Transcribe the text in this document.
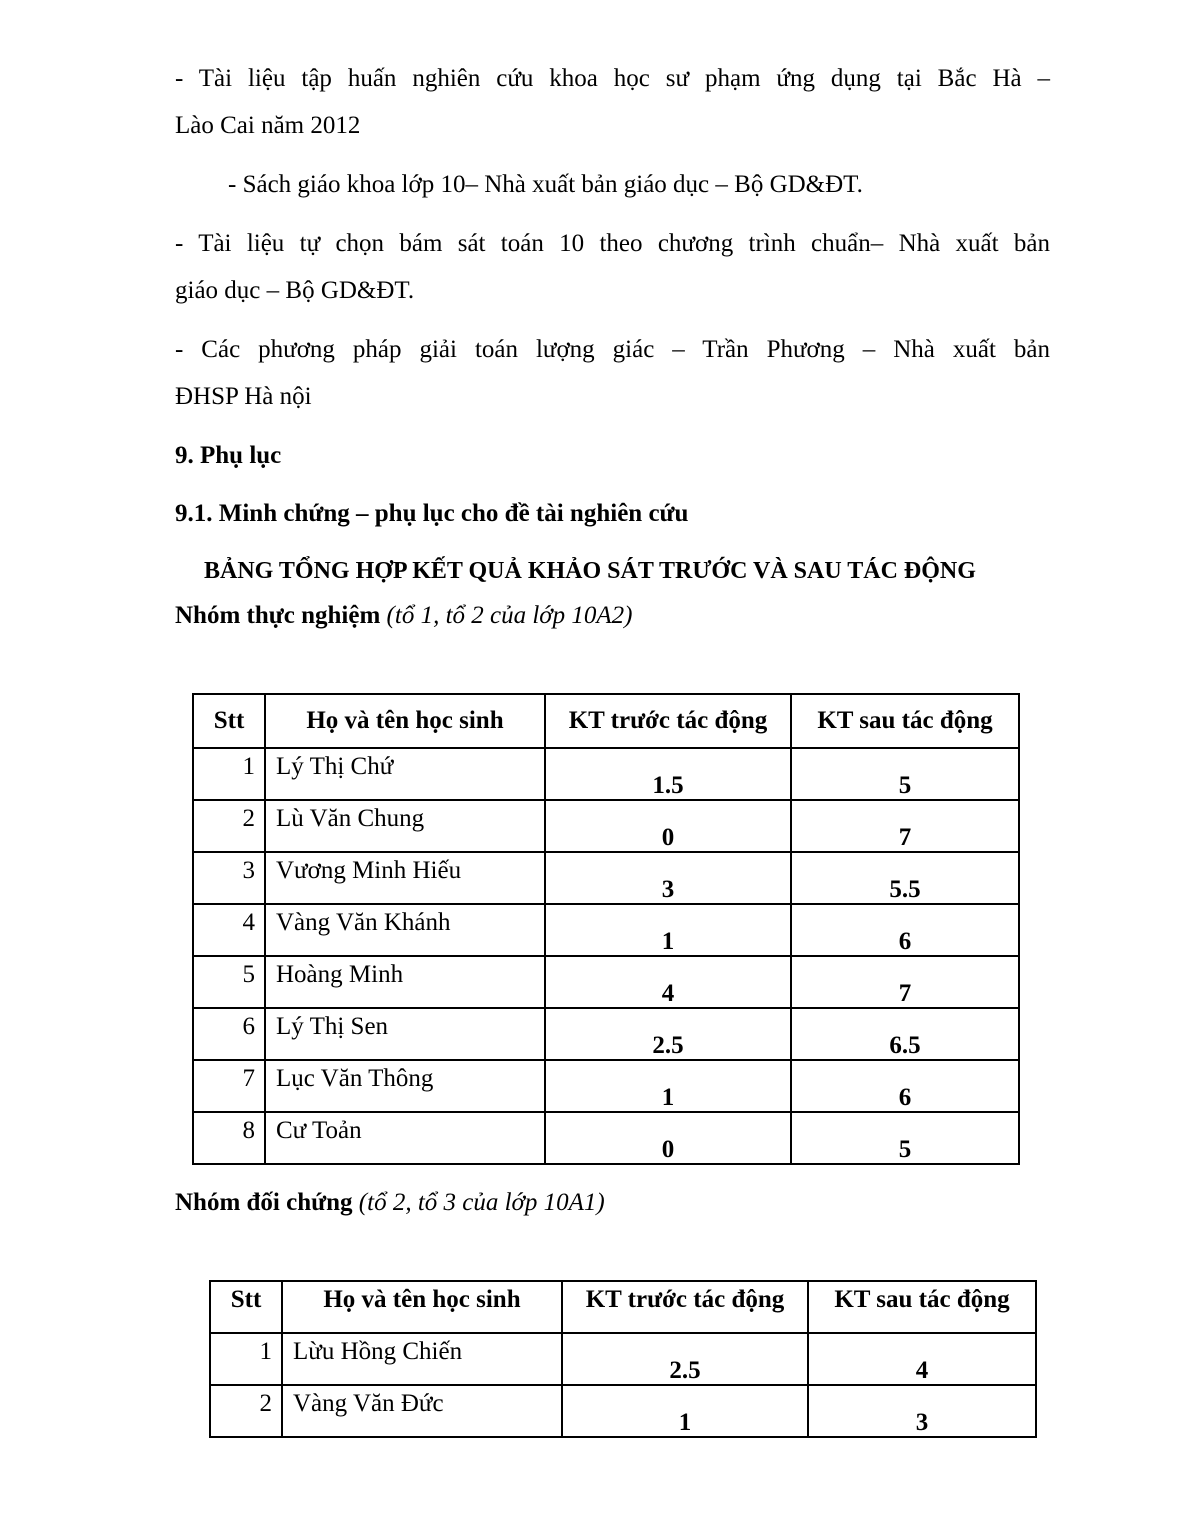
- Tài liệu tập huấn nghiên cứu khoa học sư phạm ứng dụng tại Bắc Hà –
Lào Cai năm 2012
- Sách giáo khoa lớp 10– Nhà xuất bản giáo dục – Bộ GD&ĐT.
- Tài liệu tự chọn bám sát toán 10 theo chương trình chuẩn– Nhà xuất bản
giáo dục – Bộ GD&ĐT.
- Các phương pháp giải toán lượng giác – Trần Phương – Nhà xuất bản
ĐHSP Hà nội
9. Phụ lục
9.1. Minh chứng – phụ lục cho đề tài nghiên cứu
BẢNG TỔNG HỢP KẾT QUẢ KHẢO SÁT TRƯỚC VÀ SAU TÁC ĐỘNG
Nhóm thực nghiệm (tổ 1, tổ 2 của lớp 10A2)
Stt	Họ và tên học sinh	KT trước tác động	KT sau tác động
1	Lý Thị Chứ	1.5	5
2	Lù Văn Chung	0	7
3	Vương Minh Hiếu	3	5.5
4	Vàng Văn Khánh	1	6
5	Hoàng Minh	4	7
6	Lý Thị Sen	2.5	6.5
7	Lục Văn Thông	1	6
8	Cư Toản	0	5
Nhóm đối chứng (tổ 2, tổ 3 của lớp 10A1)
Stt	Họ và tên học sinh	KT trước tác động	KT sau tác động
1	Lừu Hồng Chiến	2.5	4
2	Vàng Văn Đức	1	3
